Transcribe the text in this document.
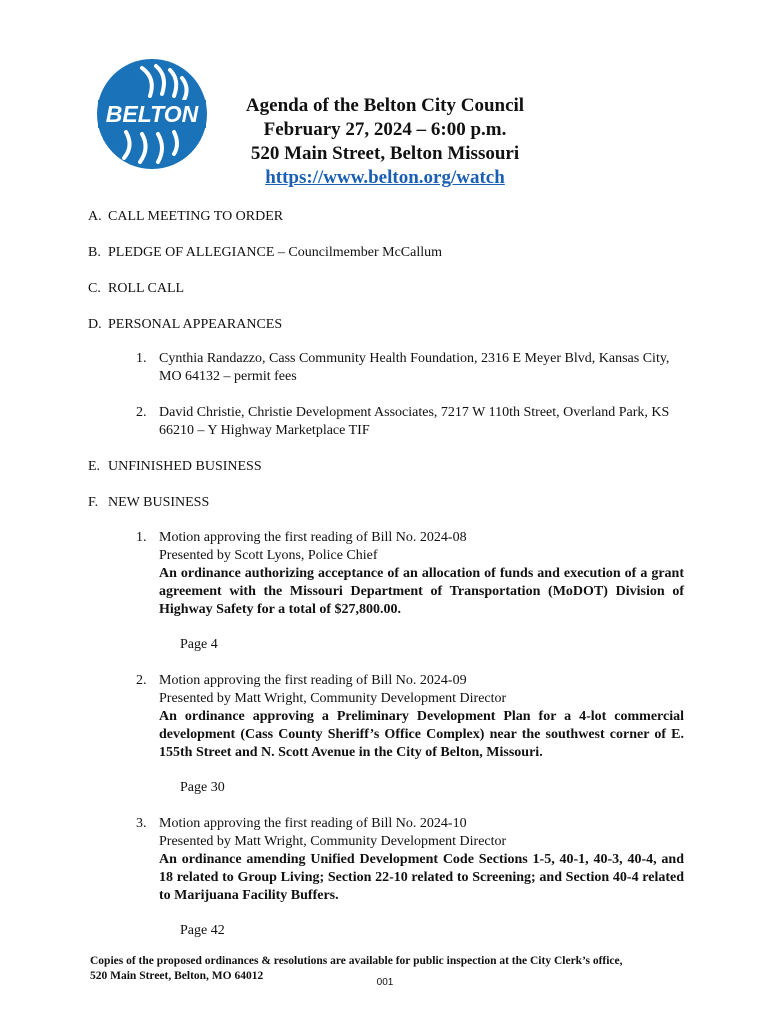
BELTON	Agenda of the Belton City Council
February 27, 2024 – 6:00 p.m.
520 Main Street, Belton Missouri
https://www.belton.org/watch
A. CALL MEETING TO ORDER
B. PLEDGE OF ALLEGIANCE – Councilmember McCallum
C. ROLL CALL
D. PERSONAL APPEARANCES
1. Cynthia Randazzo, Cass Community Health Foundation, 2316 E Meyer Blvd, Kansas City, MO 64132 – permit fees
2. David Christie, Christie Development Associates, 7217 W 110th Street, Overland Park, KS 66210 – Y Highway Marketplace TIF
E. UNFINISHED BUSINESS
F. NEW BUSINESS
1. Motion approving the first reading of Bill No. 2024-08
Presented by Scott Lyons, Police Chief
An ordinance authorizing acceptance of an allocation of funds and execution of a grant agreement with the Missouri Department of Transportation (MoDOT) Division of Highway Safety for a total of $27,800.00.
Page 4
2. Motion approving the first reading of Bill No. 2024-09
Presented by Matt Wright, Community Development Director
An ordinance approving a Preliminary Development Plan for a 4-lot commercial development (Cass County Sheriff’s Office Complex) near the southwest corner of E. 155th Street and N. Scott Avenue in the City of Belton, Missouri.
Page 30
3. Motion approving the first reading of Bill No. 2024-10
Presented by Matt Wright, Community Development Director
An ordinance amending Unified Development Code Sections 1-5, 40-1, 40-3, 40-4, and 18 related to Group Living; Section 22-10 related to Screening; and Section 40-4 related to Marijuana Facility Buffers.
Page 42
Copies of the proposed ordinances & resolutions are available for public inspection at the City Clerk’s office,
520 Main Street, Belton, MO 64012
001
